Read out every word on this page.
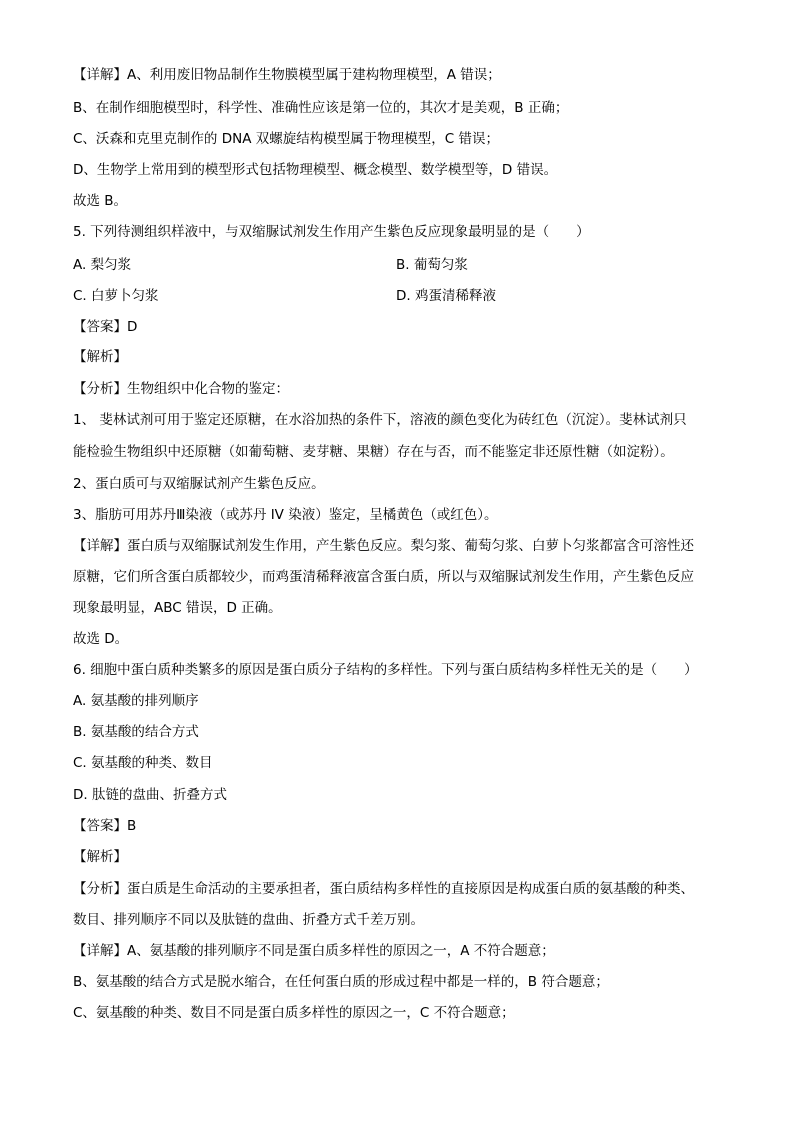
【详解】A、利用废旧物品制作生物膜模型属于建构物理模型，A 错误；
B、在制作细胞模型时，科学性、准确性应该是第一位的，其次才是美观，B 正确；
C、沃森和克里克制作的 DNA 双螺旋结构模型属于物理模型，C 错误；
D、生物学上常用到的模型形式包括物理模型、概念模型、数学模型等，D 错误。
故选 B。
5. 下列待测组织样液中，与双缩脲试剂发生作用产生紫色反应现象最明显的是（　　）
A. 梨匀浆	B. 葡萄匀浆
C. 白萝卜匀浆	D. 鸡蛋清稀释液
【答案】D
【解析】
【分析】生物组织中化合物的鉴定：
1、 斐林试剂可用于鉴定还原糖，在水浴加热的条件下，溶液的颜色变化为砖红色（沉淀）。斐林试剂只
能检验生物组织中还原糖（如葡萄糖、麦芽糖、果糖）存在与否，而不能鉴定非还原性糖（如淀粉）。
2、蛋白质可与双缩脲试剂产生紫色反应。
3、脂肪可用苏丹Ⅲ染液（或苏丹 IV 染液）鉴定，呈橘黄色（或红色）。
【详解】蛋白质与双缩脲试剂发生作用，产生紫色反应。梨匀浆、葡萄匀浆、白萝卜匀浆都富含可溶性还
原糖，它们所含蛋白质都较少，而鸡蛋清稀释液富含蛋白质，所以与双缩脲试剂发生作用，产生紫色反应
现象最明显，ABC 错误，D 正确。
故选 D。
6. 细胞中蛋白质种类繁多的原因是蛋白质分子结构的多样性。下列与蛋白质结构多样性无关的是（　　）
A. 氨基酸的排列顺序
B. 氨基酸的结合方式
C. 氨基酸的种类、数目
D. 肽链的盘曲、折叠方式
【答案】B
【解析】
【分析】蛋白质是生命活动的主要承担者，蛋白质结构多样性的直接原因是构成蛋白质的氨基酸的种类、
数目、排列顺序不同以及肽链的盘曲、折叠方式千差万别。
【详解】A、氨基酸的排列顺序不同是蛋白质多样性的原因之一，A 不符合题意；
B、氨基酸的结合方式是脱水缩合，在任何蛋白质的形成过程中都是一样的，B 符合题意；
C、氨基酸的种类、数目不同是蛋白质多样性的原因之一，C 不符合题意；
